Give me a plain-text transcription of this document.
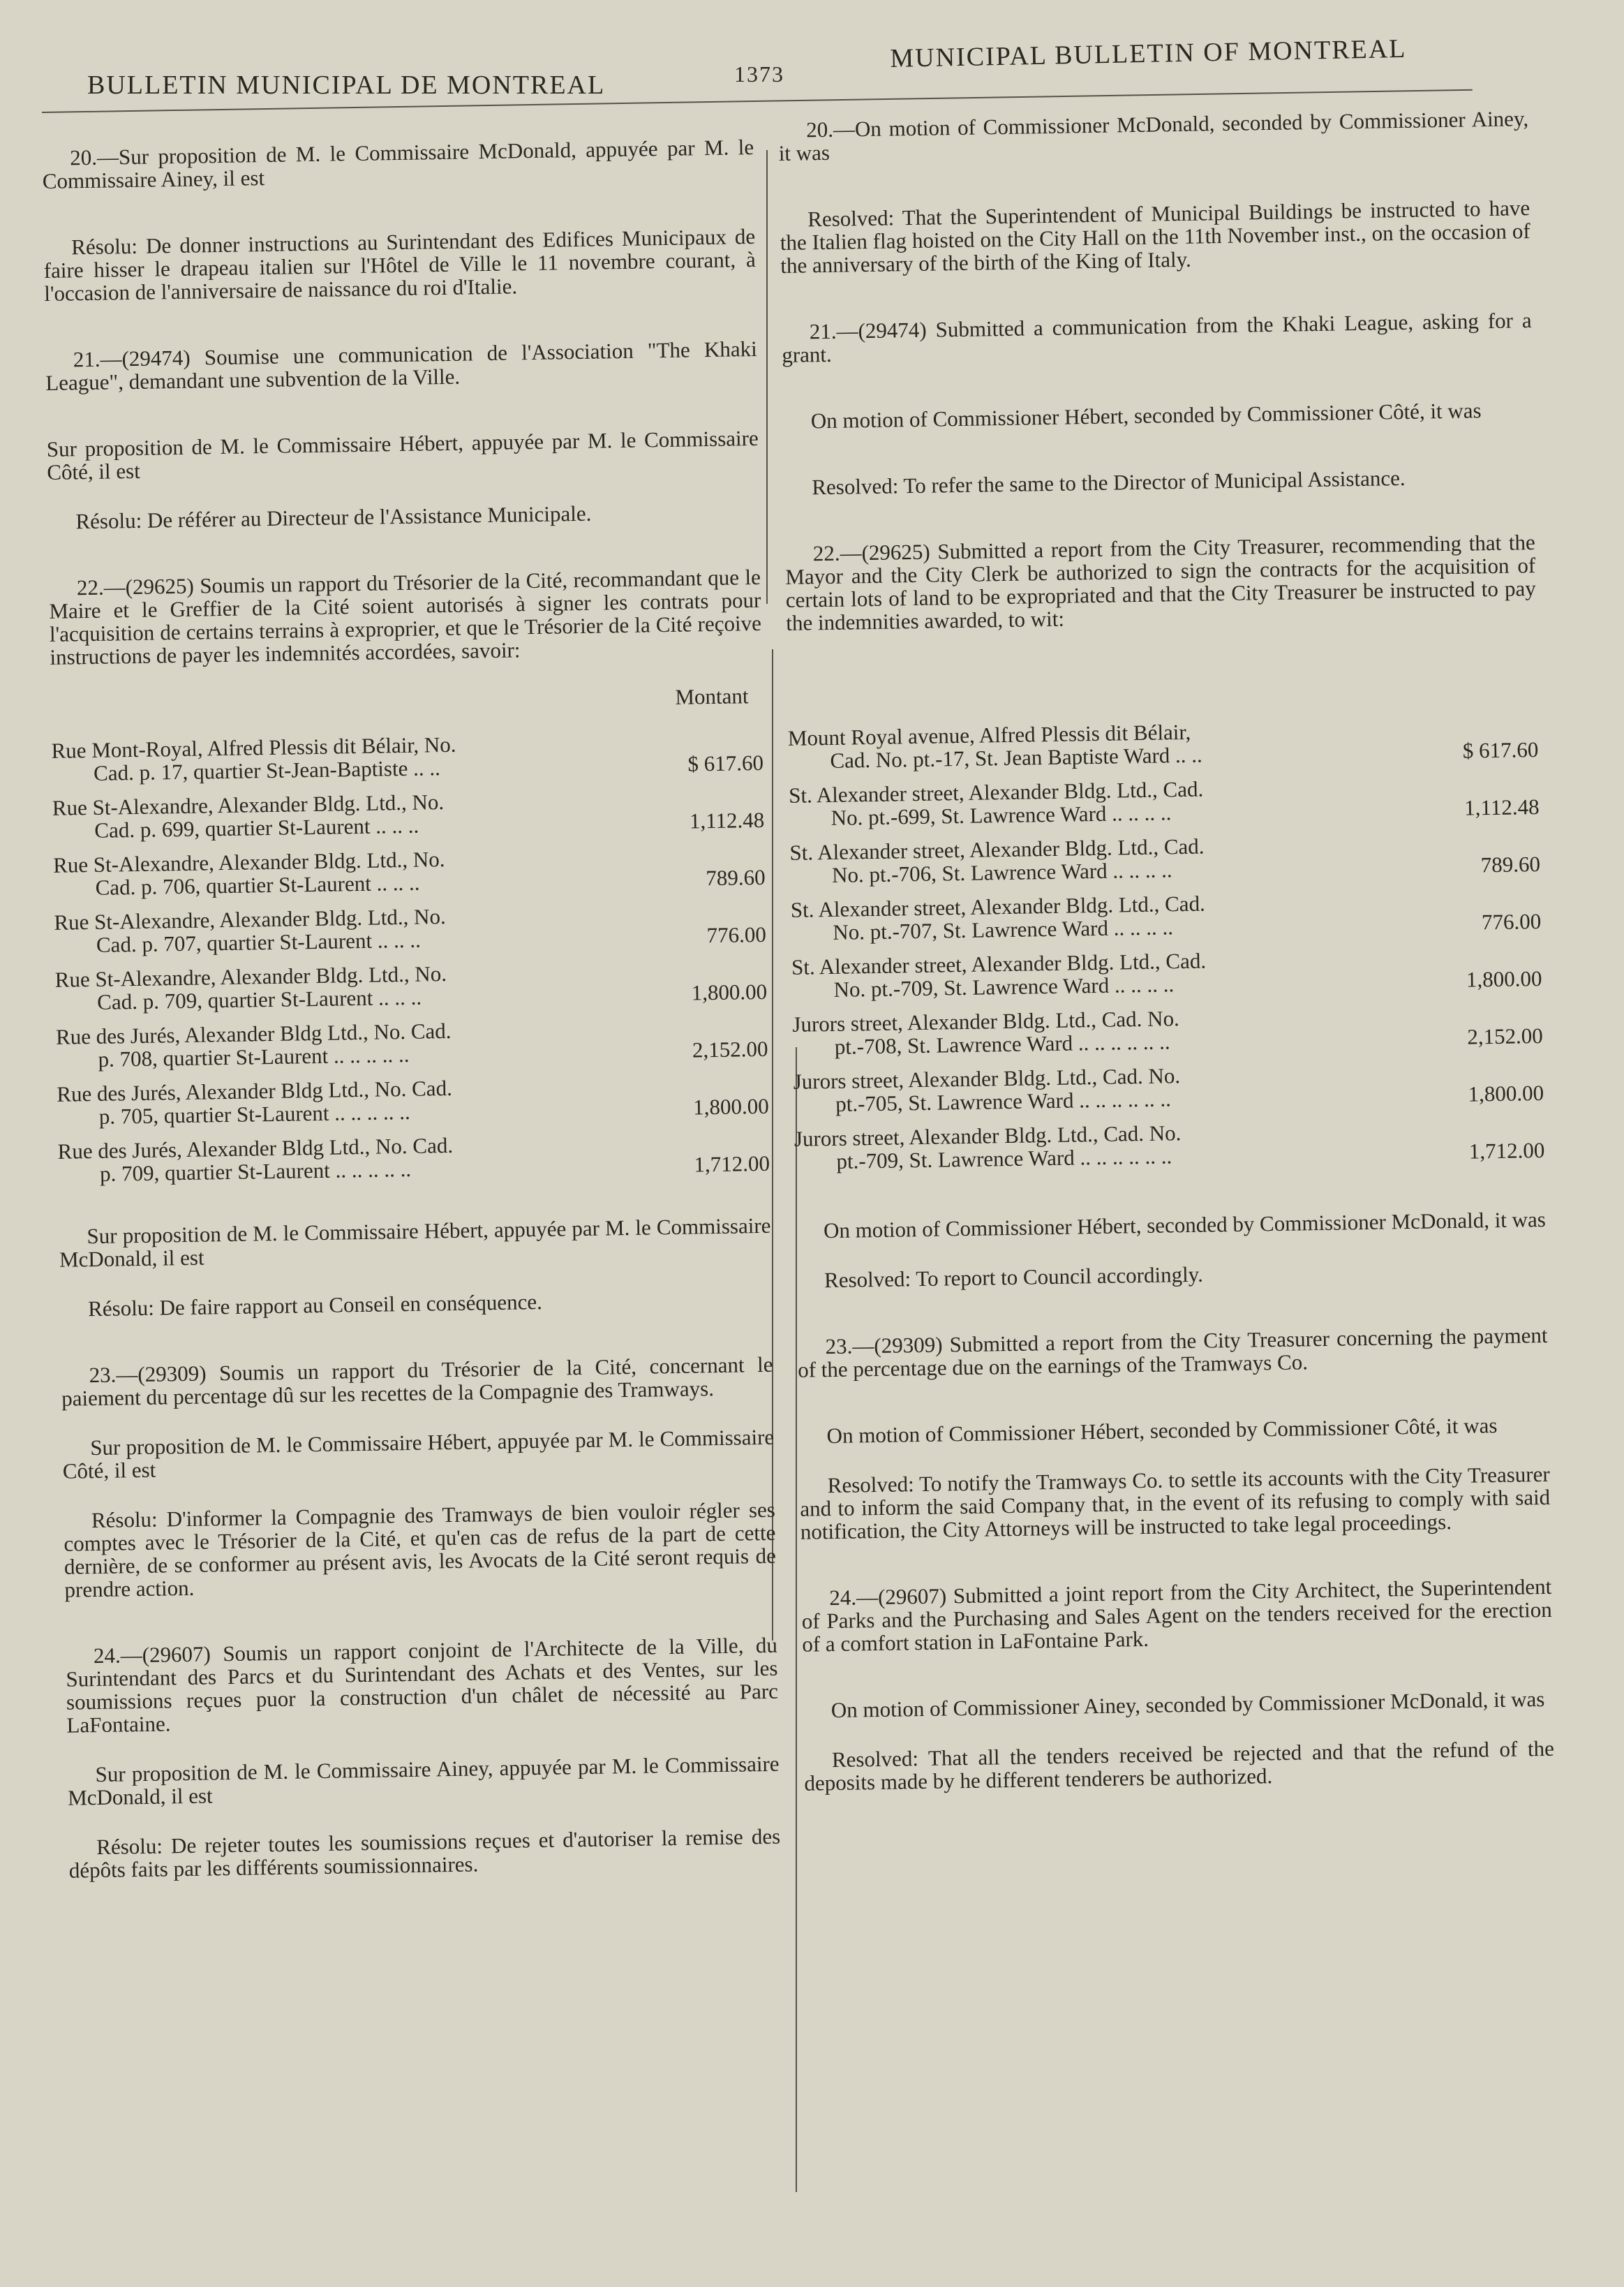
BULLETIN MUNICIPAL DE MONTREAL	1373
MUNICIPAL BULLETIN OF MONTREAL

20.—Sur proposition de M. le Commissaire McDonald, appuyée par M. le Commissaire Ainey, il est

Résolu: De donner instructions au Surintendant des Edifices Municipaux de faire hisser le drapeau italien sur l'Hôtel de Ville le 11 novembre courant, à l'occasion de l'anniversaire de naissance du roi d'Italie.

21.—(29474) Soumise une communication de l'Association "The Khaki League", demandant une subvention de la Ville.

Sur proposition de M. le Commissaire Hébert, appuyée par M. le Commissaire Côté, il est

Résolu: De référer au Directeur de l'Assistance Municipale.

22.—(29625) Soumis un rapport du Trésorier de la Cité, recommandant que le Maire et le Greffier de la Cité soient autorisés à signer les contrats pour l'acquisition de certains terrains à exproprier, et que le Trésorier de la Cité reçoive instructions de payer les indemnités accordées, savoir:

Montant
Rue Mont-Royal, Alfred Plessis dit Bélair, No.
Cad. p. 17, quartier St-Jean-Baptiste .. ..	$ 617.60
Rue St-Alexandre, Alexander Bldg. Ltd., No.
Cad. p. 699, quartier St-Laurent .. .. ..	1,112.48
Rue St-Alexandre, Alexander Bldg. Ltd., No.
Cad. p. 706, quartier St-Laurent .. .. ..	789.60
Rue St-Alexandre, Alexander Bldg. Ltd., No.
Cad. p. 707, quartier St-Laurent .. .. ..	776.00
Rue St-Alexandre, Alexander Bldg. Ltd., No.
Cad. p. 709, quartier St-Laurent .. .. ..	1,800.00
Rue des Jurés, Alexander Bldg Ltd., No. Cad.
p. 708, quartier St-Laurent .. .. .. .. ..	2,152.00
Rue des Jurés, Alexander Bldg Ltd., No. Cad.
p. 705, quartier St-Laurent .. .. .. .. ..	1,800.00
Rue des Jurés, Alexander Bldg Ltd., No. Cad.
p. 709, quartier St-Laurent .. .. .. .. ..	1,712.00

Sur proposition de M. le Commissaire Hébert, appuyée par M. le Commissaire McDonald, il est

Résolu: De faire rapport au Conseil en conséquence.

23.—(29309) Soumis un rapport du Trésorier de la Cité, concernant le paiement du percentage dû sur les recettes de la Compagnie des Tramways.

Sur proposition de M. le Commissaire Hébert, appuyée par M. le Commissaire Côté, il est

Résolu: D'informer la Compagnie des Tramways de bien vouloir régler ses comptes avec le Trésorier de la Cité, et qu'en cas de refus de la part de cette dernière, de se conformer au présent avis, les Avocats de la Cité seront requis de prendre action.

24.—(29607) Soumis un rapport conjoint de l'Architecte de la Ville, du Surintendant des Parcs et du Surintendant des Achats et des Ventes, sur les soumissions reçues puor la construction d'un châlet de nécessité au Parc LaFontaine.

Sur proposition de M. le Commissaire Ainey, appuyée par M. le Commissaire McDonald, il est

Résolu: De rejeter toutes les soumissions reçues et d'autoriser la remise des dépôts faits par les différents soumissionnaires.

20.—On motion of Commissioner McDonald, seconded by Commissioner Ainey, it was

Resolved: That the Superintendent of Municipal Buildings be instructed to have the Italien flag hoisted on the City Hall on the 11th November inst., on the occasion of the anniversary of the birth of the King of Italy.

21.—(29474) Submitted a communication from the Khaki League, asking for a grant.

On motion of Commissioner Hébert, seconded by Commissioner Côté, it was

Resolved: To refer the same to the Director of Municipal Assistance.

22.—(29625) Submitted a report from the City Treasurer, recommending that the Mayor and the City Clerk be authorized to sign the contracts for the acquisition of certain lots of land to be expropriated and that the City Treasurer be instructed to pay the indemnities awarded, to wit:

Mount Royal avenue, Alfred Plessis dit Bélair,
Cad. No. pt.-17, St. Jean Baptiste Ward .. ..	$ 617.60
St. Alexander street, Alexander Bldg. Ltd., Cad.
No. pt.-699, St. Lawrence Ward .. .. .. ..	1,112.48
St. Alexander street, Alexander Bldg. Ltd., Cad.
No. pt.-706, St. Lawrence Ward .. .. .. ..	789.60
St. Alexander street, Alexander Bldg. Ltd., Cad.
No. pt.-707, St. Lawrence Ward .. .. .. ..	776.00
St. Alexander street, Alexander Bldg. Ltd., Cad.
No. pt.-709, St. Lawrence Ward .. .. .. ..	1,800.00
Jurors street, Alexander Bldg. Ltd., Cad. No.
pt.-708, St. Lawrence Ward .. .. .. .. .. ..	2,152.00
Jurors street, Alexander Bldg. Ltd., Cad. No.
pt.-705, St. Lawrence Ward .. .. .. .. .. ..	1,800.00
Jurors street, Alexander Bldg. Ltd., Cad. No.
pt.-709, St. Lawrence Ward .. .. .. .. .. ..	1,712.00

On motion of Commissioner Hébert, seconded by Commissioner McDonald, it was

Resolved: To report to Council accordingly.

23.—(29309) Submitted a report from the City Treasurer concerning the payment of the percentage due on the earnings of the Tramways Co.

On motion of Commissioner Hébert, seconded by Commissioner Côté, it was

Resolved: To notify the Tramways Co. to settle its accounts with the City Treasurer and to inform the said Company that, in the event of its refusing to comply with said notification, the City Attorneys will be instructed to take legal proceedings.

24.—(29607) Submitted a joint report from the City Architect, the Superintendent of Parks and the Purchasing and Sales Agent on the tenders received for the erection of a comfort station in LaFontaine Park.

On motion of Commissioner Ainey, seconded by Commissioner McDonald, it was

Resolved: That all the tenders received be rejected and that the refund of the deposits made by he different tenderers be authorized.
